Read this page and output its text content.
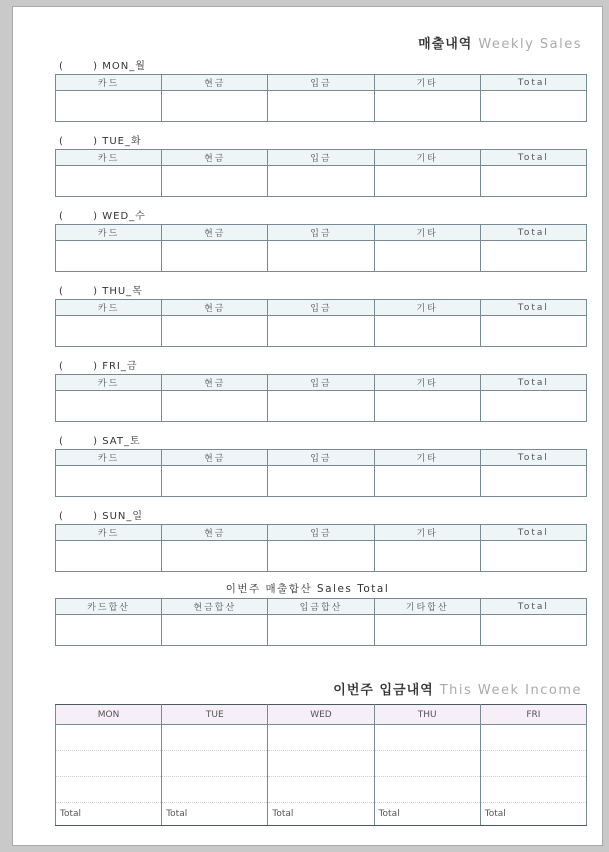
매출내역 Weekly Sales
(       ) MON_월
카드	현금	입금	기타	Total

(       ) TUE_화
카드	현금	입금	기타	Total

(       ) WED_수
카드	현금	입금	기타	Total

(       ) THU_목
카드	현금	입금	기타	Total

(       ) FRI_금
카드	현금	입금	기타	Total

(       ) SAT_토
카드	현금	입금	기타	Total

(       ) SUN_일
카드	현금	입금	기타	Total

이번주 매출합산 Sales Total
카드합산	현금합산	입금합산	기타합산	Total

이번주 입금내역 This Week Income
MON	TUE	WED	THU	FRI

Total	Total	Total	Total	Total
